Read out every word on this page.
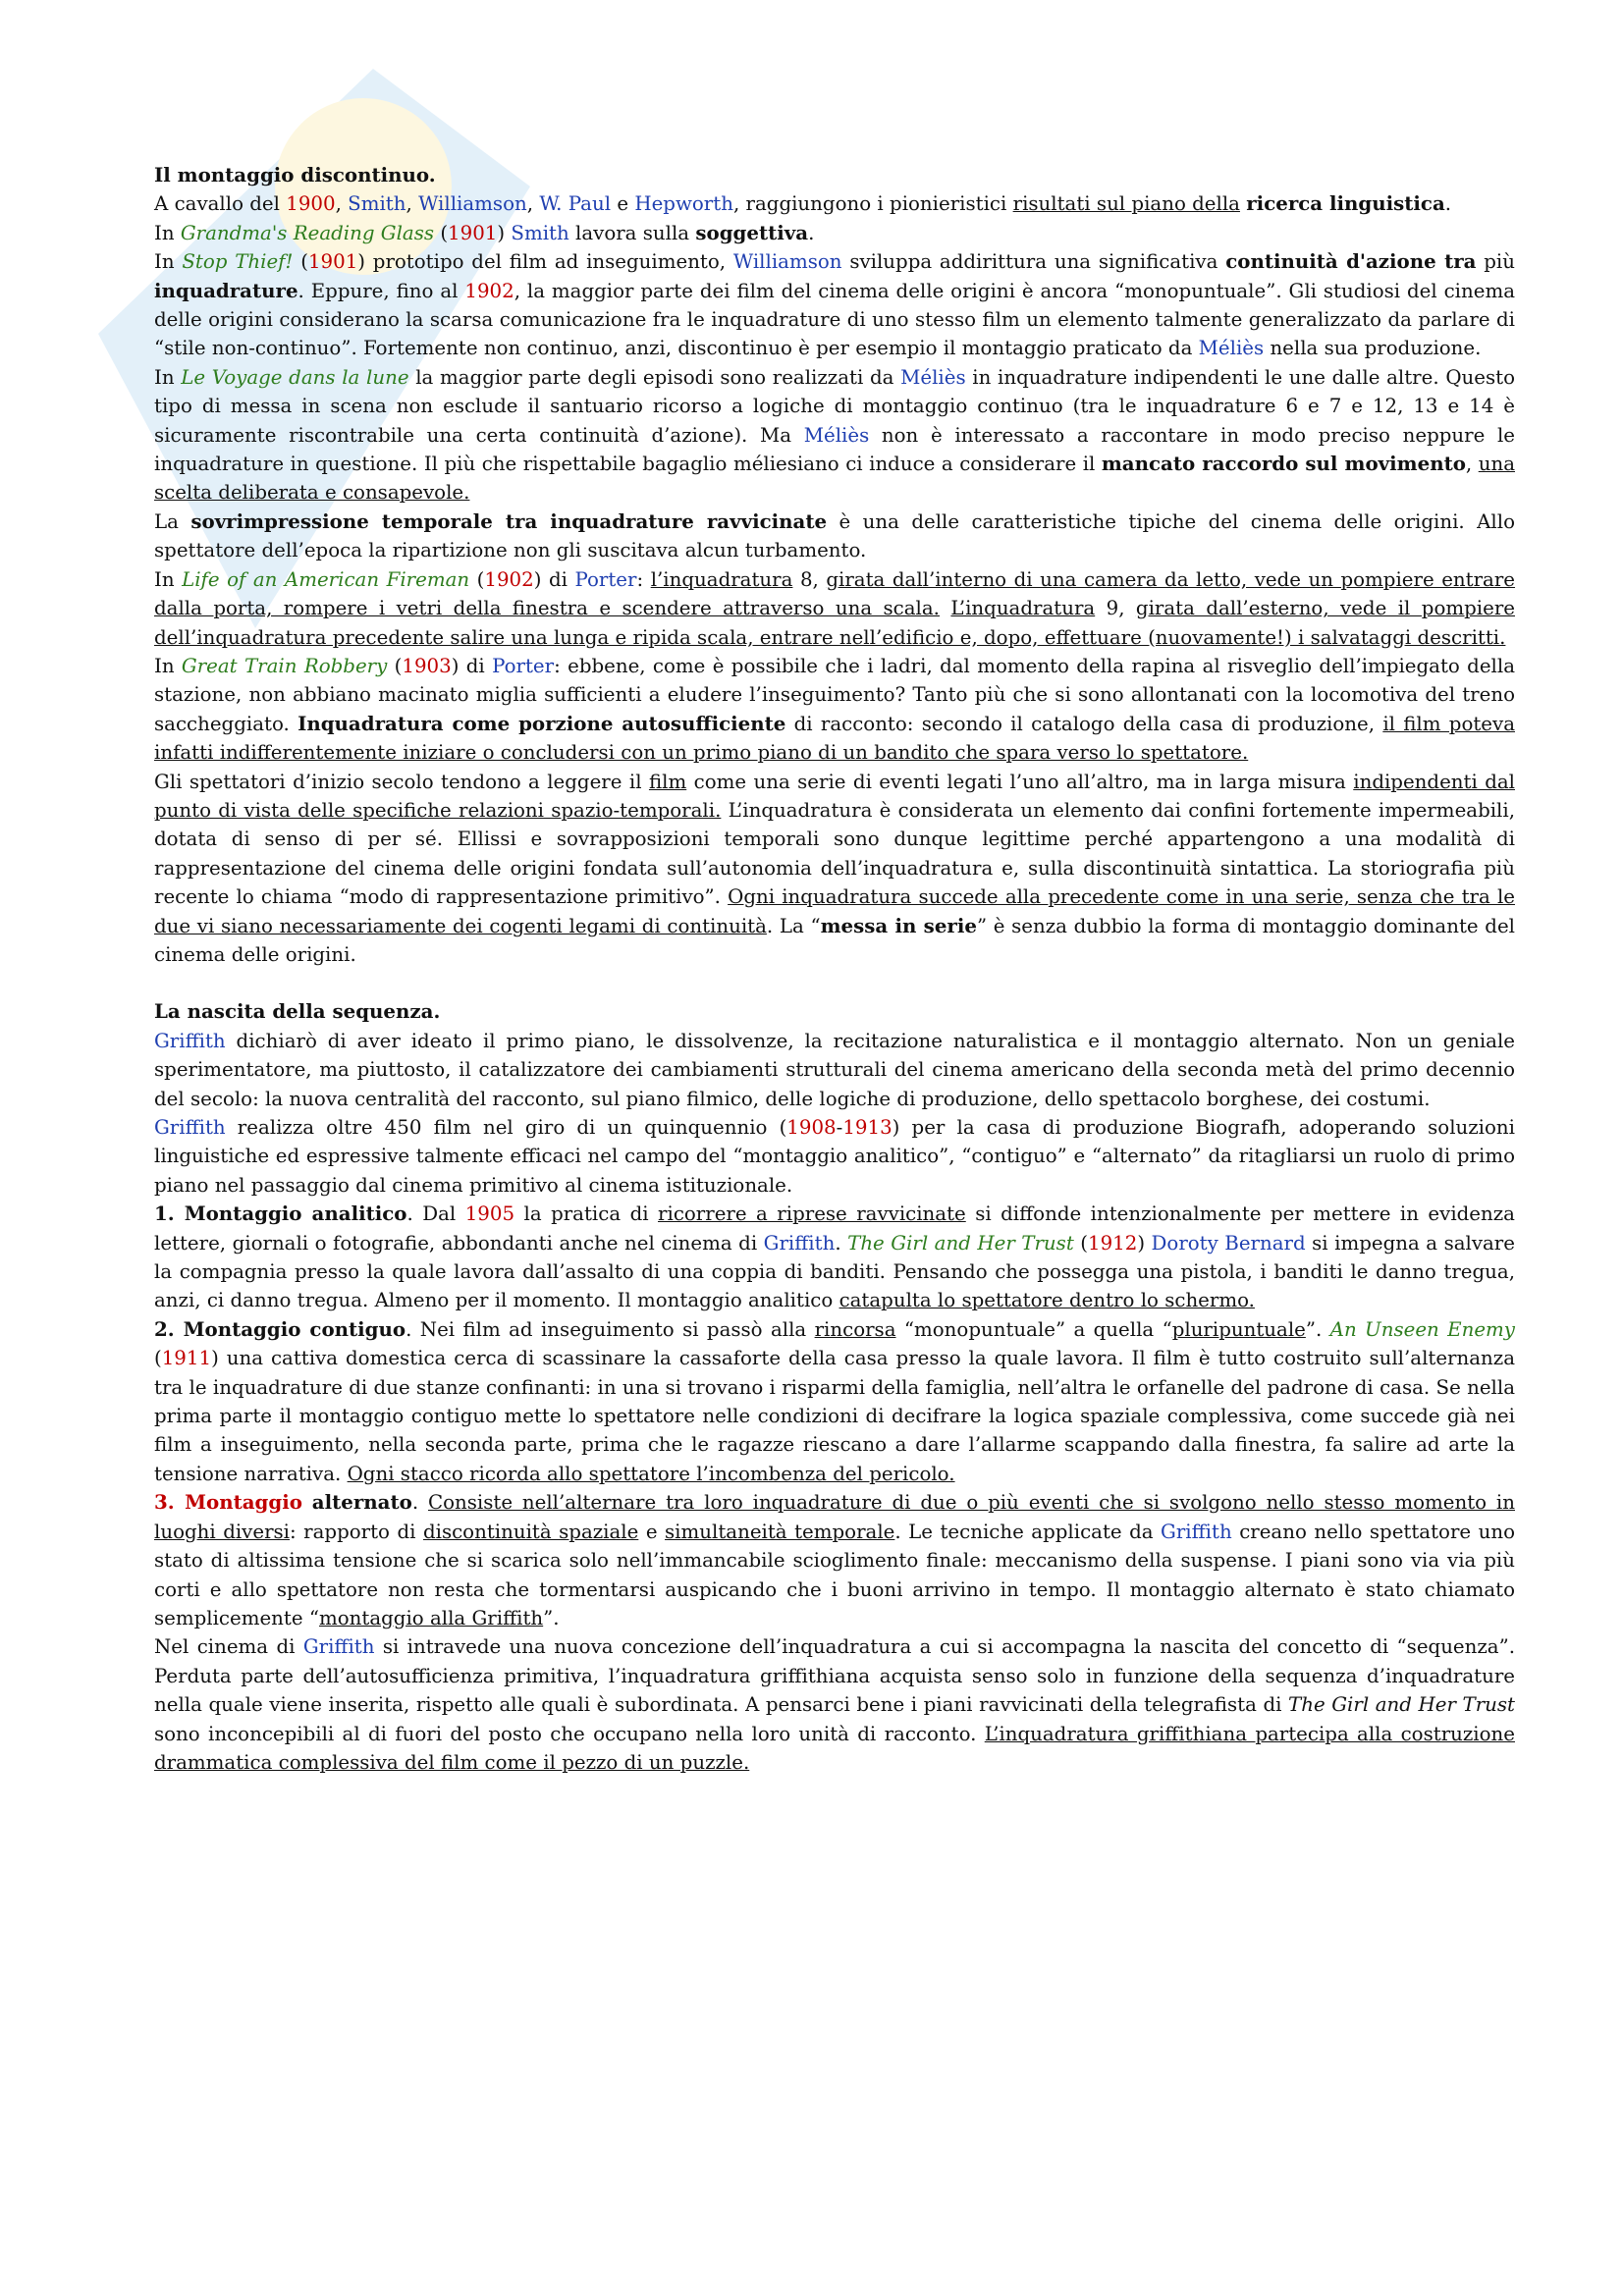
Il montaggio discontinuo.

A cavallo del 1900, Smith, Williamson, W. Paul e Hepworth, raggiungono i pionieristici risultati sul piano della ricerca linguistica.

In Grandma's Reading Glass (1901) Smith lavora sulla soggettiva.

In Stop Thief! (1901) prototipo del film ad inseguimento, Williamson sviluppa addirittura una significativa continuità d'azione tra più inquadrature. Eppure, fino al 1902, la maggior parte dei film del cinema delle origini è ancora “monopuntuale”. Gli studiosi del cinema delle origini considerano la scarsa comunicazione fra le inquadrature di uno stesso film un elemento talmente generalizzato da parlare di “stile non-continuo”. Fortemente non continuo, anzi, discontinuo è per esempio il montaggio praticato da Méliès nella sua produzione.

In Le Voyage dans la lune la maggior parte degli episodi sono realizzati da Méliès in inquadrature indipendenti le une dalle altre. Questo tipo di messa in scena non esclude il santuario ricorso a logiche di montaggio continuo (tra le inquadrature 6 e 7 e 12, 13 e 14 è sicuramente riscontrabile una certa continuità d’azione). Ma Méliès non è interessato a raccontare in modo preciso neppure le inquadrature in questione. Il più che rispettabile bagaglio méliesiano ci induce a considerare il mancato raccordo sul movimento, una scelta deliberata e consapevole.

La sovrimpressione temporale tra inquadrature ravvicinate è una delle caratteristiche tipiche del cinema delle origini. Allo spettatore dell’epoca la ripartizione non gli suscitava alcun turbamento.

In Life of an American Fireman (1902) di Porter: l’inquadratura 8, girata dall’interno di una camera da letto, vede un pompiere entrare dalla porta, rompere i vetri della finestra e scendere attraverso una scala. L’inquadratura 9, girata dall’esterno, vede il pompiere dell’inquadratura precedente salire una lunga e ripida scala, entrare nell’edificio e, dopo, effettuare (nuovamente!) i salvataggi descritti.

In Great Train Robbery (1903) di Porter: ebbene, come è possibile che i ladri, dal momento della rapina al risveglio dell’impiegato della stazione, non abbiano macinato miglia sufficienti a eludere l’inseguimento? Tanto più che si sono allontanati con la locomotiva del treno saccheggiato. Inquadratura come porzione autosufficiente di racconto: secondo il catalogo della casa di produzione, il film poteva infatti indifferentemente iniziare o concludersi con un primo piano di un bandito che spara verso lo spettatore.

Gli spettatori d’inizio secolo tendono a leggere il film come una serie di eventi legati l’uno all’altro, ma in larga misura indipendenti dal punto di vista delle specifiche relazioni spazio-temporali. L’inquadratura è considerata un elemento dai confini fortemente impermeabili, dotata di senso di per sé. Ellissi e sovrapposizioni temporali sono dunque legittime perché appartengono a una modalità di rappresentazione del cinema delle origini fondata sull’autonomia dell’inquadratura e, sulla discontinuità sintattica. La storiografia più recente lo chiama “modo di rappresentazione primitivo”. Ogni inquadratura succede alla precedente come in una serie, senza che tra le due vi siano necessariamente dei cogenti legami di continuità. La “messa in serie” è senza dubbio la forma di montaggio dominante del cinema delle origini.

La nascita della sequenza.

Griffith dichiarò di aver ideato il primo piano, le dissolvenze, la recitazione naturalistica e il montaggio alternato. Non un geniale sperimentatore, ma piuttosto, il catalizzatore dei cambiamenti strutturali del cinema americano della seconda metà del primo decennio del secolo: la nuova centralità del racconto, sul piano filmico, delle logiche di produzione, dello spettacolo borghese, dei costumi.

Griffith realizza oltre 450 film nel giro di un quinquennio (1908-1913) per la casa di produzione Biografh, adoperando soluzioni linguistiche ed espressive talmente efficaci nel campo del “montaggio analitico”, “contiguo” e “alternato” da ritagliarsi un ruolo di primo piano nel passaggio dal cinema primitivo al cinema istituzionale.

1. Montaggio analitico. Dal 1905 la pratica di ricorrere a riprese ravvicinate si diffonde intenzionalmente per mettere in evidenza lettere, giornali o fotografie, abbondanti anche nel cinema di Griffith. The Girl and Her Trust (1912) Doroty Bernard si impegna a salvare la compagnia presso la quale lavora dall’assalto di una coppia di banditi. Pensando che possegga una pistola, i banditi le danno tregua, anzi, ci danno tregua. Almeno per il momento. Il montaggio analitico catapulta lo spettatore dentro lo schermo.

2. Montaggio contiguo. Nei film ad inseguimento si passò alla rincorsa “monopuntuale” a quella “pluripuntuale”. An Unseen Enemy (1911) una cattiva domestica cerca di scassinare la cassaforte della casa presso la quale lavora. Il film è tutto costruito sull’alternanza tra le inquadrature di due stanze confinanti: in una si trovano i risparmi della famiglia, nell’altra le orfanelle del padrone di casa. Se nella prima parte il montaggio contiguo mette lo spettatore nelle condizioni di decifrare la logica spaziale complessiva, come succede già nei film a inseguimento, nella seconda parte, prima che le ragazze riescano a dare l’allarme scappando dalla finestra, fa salire ad arte la tensione narrativa. Ogni stacco ricorda allo spettatore l’incombenza del pericolo.

3. Montaggio alternato. Consiste nell’alternare tra loro inquadrature di due o più eventi che si svolgono nello stesso momento in luoghi diversi: rapporto di discontinuità spaziale e simultaneità temporale. Le tecniche applicate da Griffith creano nello spettatore uno stato di altissima tensione che si scarica solo nell’immancabile scioglimento finale: meccanismo della suspense. I piani sono via via più corti e allo spettatore non resta che tormentarsi auspicando che i buoni arrivino in tempo. Il montaggio alternato è stato chiamato semplicemente “montaggio alla Griffith”.

Nel cinema di Griffith si intravede una nuova concezione dell’inquadratura a cui si accompagna la nascita del concetto di “sequenza”. Perduta parte dell’autosufficienza primitiva, l’inquadratura griffithiana acquista senso solo in funzione della sequenza d’inquadrature nella quale viene inserita, rispetto alle quali è subordinata. A pensarci bene i piani ravvicinati della telegrafista di The Girl and Her Trust sono inconcepibili al di fuori del posto che occupano nella loro unità di racconto. L’inquadratura griffithiana partecipa alla costruzione drammatica complessiva del film come il pezzo di un puzzle.
